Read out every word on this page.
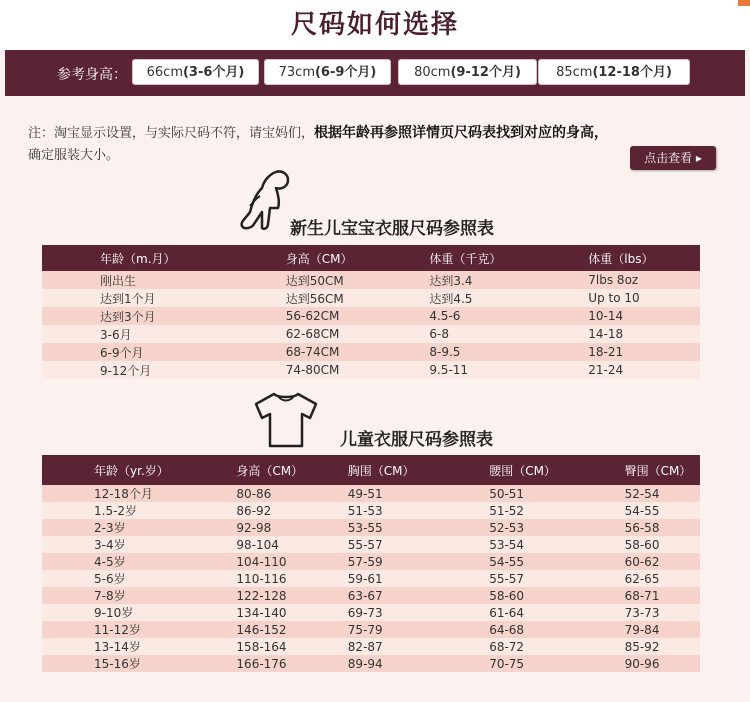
尺码如何选择
参考身高：	66cm(3-6个月)	73cm(6-9个月)	80cm(9-12个月)	85cm(12-18个月)
注：淘宝显示设置，与实际尺码不符，请宝妈们，根据年龄再参照详情页尺码表找到对应的身高，
确定服装大小。	点击查看 ▸
新生儿宝宝衣服尺码参照表
年龄（m.月）	身高（CM）	体重（千克）	体重（lbs）
刚出生	达到50CM	达到3.4	7lbs 8oz
达到1个月	达到56CM	达到4.5	Up to 10
达到3个月	56-62CM	4.5-6	10-14
3-6月	62-68CM	6-8	14-18
6-9个月	68-74CM	8-9.5	18-21
9-12个月	74-80CM	9.5-11	21-24
儿童衣服尺码参照表
年龄（yr.岁）	身高（CM）	胸围（CM）	腰围（CM）	臀围（CM）
12-18个月	80-86	49-51	50-51	52-54
1.5-2岁	86-92	51-53	51-52	54-55
2-3岁	92-98	53-55	52-53	56-58
3-4岁	98-104	55-57	53-54	58-60
4-5岁	104-110	57-59	54-55	60-62
5-6岁	110-116	59-61	55-57	62-65
7-8岁	122-128	63-67	58-60	68-71
9-10岁	134-140	69-73	61-64	73-73
11-12岁	146-152	75-79	64-68	79-84
13-14岁	158-164	82-87	68-72	85-92
15-16岁	166-176	89-94	70-75	90-96
